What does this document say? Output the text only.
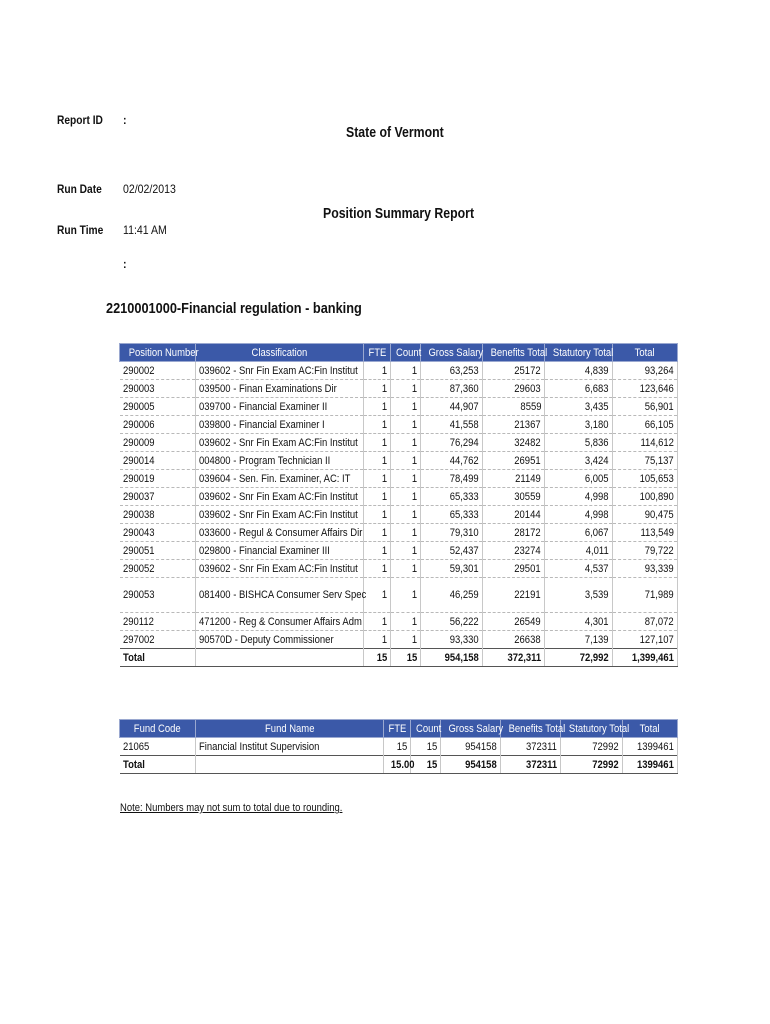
Report ID :
State of Vermont
Run Date 02/02/2013
Position Summary Report
Run Time 11:41 AM
:
2210001000-Financial regulation - banking
Position Number	Classification	FTE	Count	Gross Salary	Benefits Total	Statutory Total	Total
290002	039602 - Snr Fin Exam AC:Fin Institut	1	1	63,253	25172	4,839	93,264
290003	039500 - Finan Examinations Dir	1	1	87,360	29603	6,683	123,646
290005	039700 - Financial Examiner II	1	1	44,907	8559	3,435	56,901
290006	039800 - Financial Examiner I	1	1	41,558	21367	3,180	66,105
290009	039602 - Snr Fin Exam AC:Fin Institut	1	1	76,294	32482	5,836	114,612
290014	004800 - Program Technician II	1	1	44,762	26951	3,424	75,137
290019	039604 - Sen. Fin. Examiner, AC: IT	1	1	78,499	21149	6,005	105,653
290037	039602 - Snr Fin Exam AC:Fin Institut	1	1	65,333	30559	4,998	100,890
290038	039602 - Snr Fin Exam AC:Fin Institut	1	1	65,333	20144	4,998	90,475
290043	033600 - Regul & Consumer Affairs Dir	1	1	79,310	28172	6,067	113,549
290051	029800 - Financial Examiner III	1	1	52,437	23274	4,011	79,722
290052	039602 - Snr Fin Exam AC:Fin Institut	1	1	59,301	29501	4,537	93,339
290053	081400 - BISHCA Consumer Serv Spec	1	1	46,259	22191	3,539	71,989
290112	471200 - Reg & Consumer Affairs Adm	1	1	56,222	26549	4,301	87,072
297002	90570D - Deputy Commissioner	1	1	93,330	26638	7,139	127,107
Total		15	15	954,158	372,311	72,992	1,399,461
Fund Code	Fund Name	FTE	Count	Gross Salary	Benefits Total	Statutory Total	Total
21065	Financial Institut Supervision	15	15	954158	372311	72992	1399461
Total		15.00	15	954158	372311	72992	1399461
Note: Numbers may not sum to total due to rounding.
